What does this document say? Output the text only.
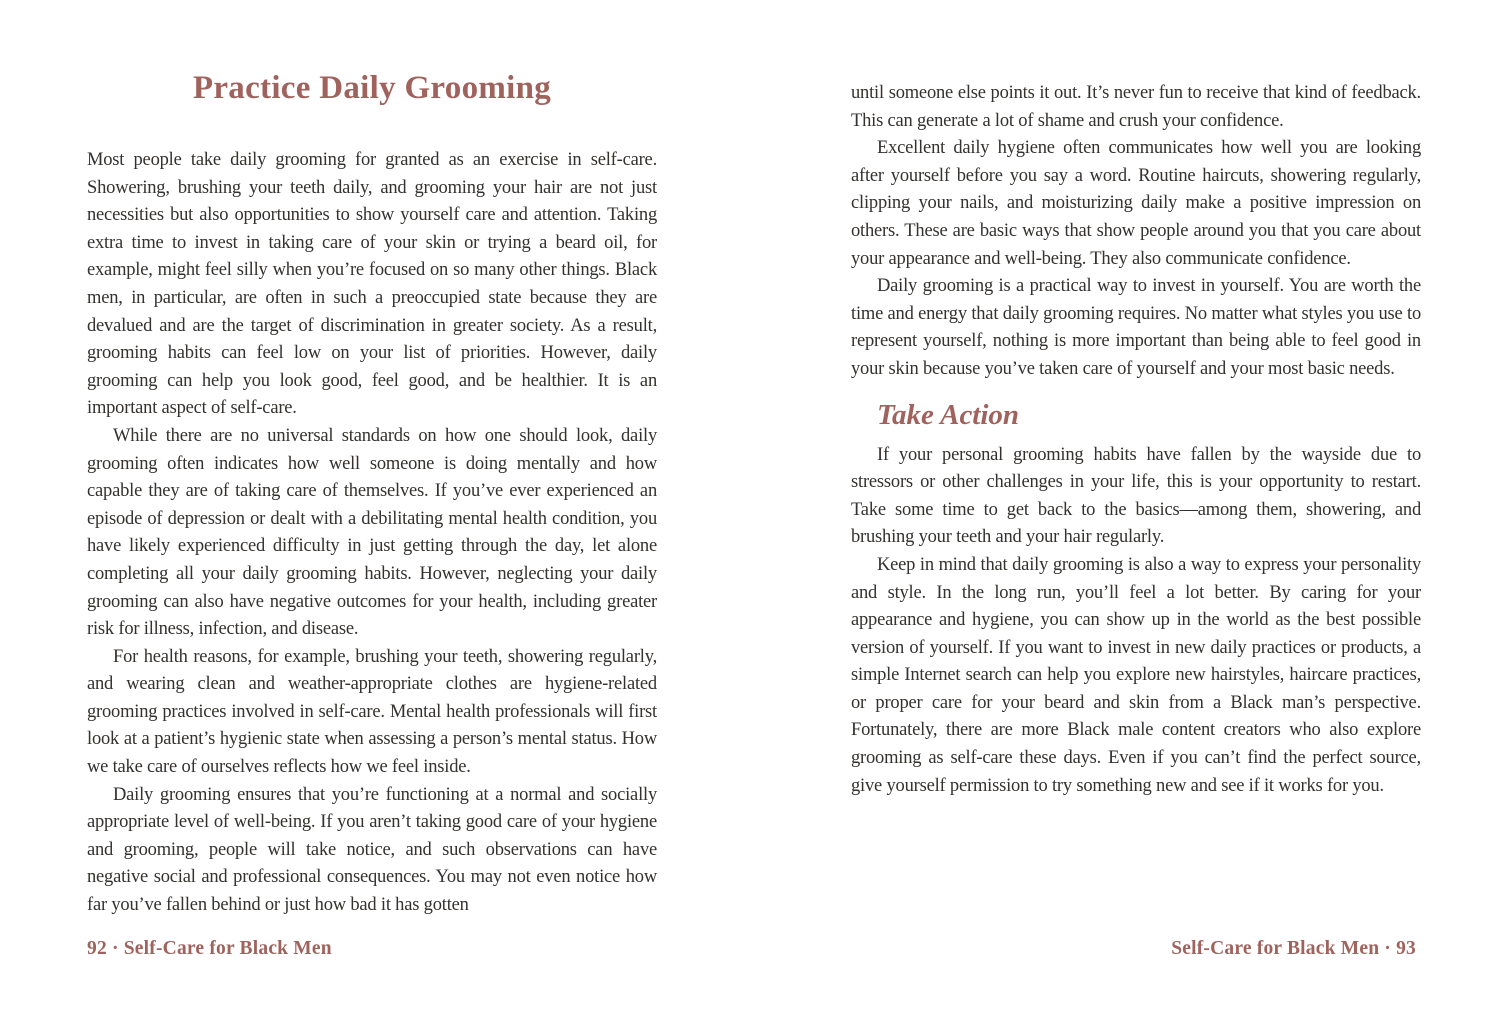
Practice Daily Grooming

Most people take daily grooming for granted as an exercise in self-care. Showering, brushing your teeth daily, and grooming your hair are not just necessities but also opportunities to show yourself care and attention. Taking extra time to invest in taking care of your skin or trying a beard oil, for example, might feel silly when you’re focused on so many other things. Black men, in particular, are often in such a preoccupied state because they are devalued and are the target of discrimination in greater society. As a result, grooming habits can feel low on your list of priorities. However, daily grooming can help you look good, feel good, and be healthier. It is an important aspect of self-care.

While there are no universal standards on how one should look, daily grooming often indicates how well someone is doing mentally and how capable they are of taking care of themselves. If you’ve ever experienced an episode of depression or dealt with a debilitating mental health condition, you have likely experienced difficulty in just getting through the day, let alone completing all your daily grooming habits. However, neglecting your daily grooming can also have negative outcomes for your health, including greater risk for illness, infection, and disease.

For health reasons, for example, brushing your teeth, showering regularly, and wearing clean and weather-appropriate clothes are hygiene-related grooming practices involved in self-care. Mental health professionals will first look at a patient’s hygienic state when assessing a person’s mental status. How we take care of ourselves reflects how we feel inside.

Daily grooming ensures that you’re functioning at a normal and socially appropriate level of well-being. If you aren’t taking good care of your hygiene and grooming, people will take notice, and such observations can have negative social and professional consequences. You may not even notice how far you’ve fallen behind or just how bad it has gotten

92 · Self-Care for Black Men

until someone else points it out. It’s never fun to receive that kind of feedback. This can generate a lot of shame and crush your confidence.

Excellent daily hygiene often communicates how well you are looking after yourself before you say a word. Routine haircuts, showering regularly, clipping your nails, and moisturizing daily make a positive impression on others. These are basic ways that show people around you that you care about your appearance and well-being. They also communicate confidence.

Daily grooming is a practical way to invest in yourself. You are worth the time and energy that daily grooming requires. No matter what styles you use to represent yourself, nothing is more important than being able to feel good in your skin because you’ve taken care of yourself and your most basic needs.

Take Action

If your personal grooming habits have fallen by the wayside due to stressors or other challenges in your life, this is your opportunity to restart. Take some time to get back to the basics—among them, showering, and brushing your teeth and your hair regularly.

Keep in mind that daily grooming is also a way to express your personality and style. In the long run, you’ll feel a lot better. By caring for your appearance and hygiene, you can show up in the world as the best possible version of yourself. If you want to invest in new daily practices or products, a simple Internet search can help you explore new hairstyles, haircare practices, or proper care for your beard and skin from a Black man’s perspective. Fortunately, there are more Black male content creators who also explore grooming as self-care these days. Even if you can’t find the perfect source, give yourself permission to try something new and see if it works for you.

Self-Care for Black Men · 93
